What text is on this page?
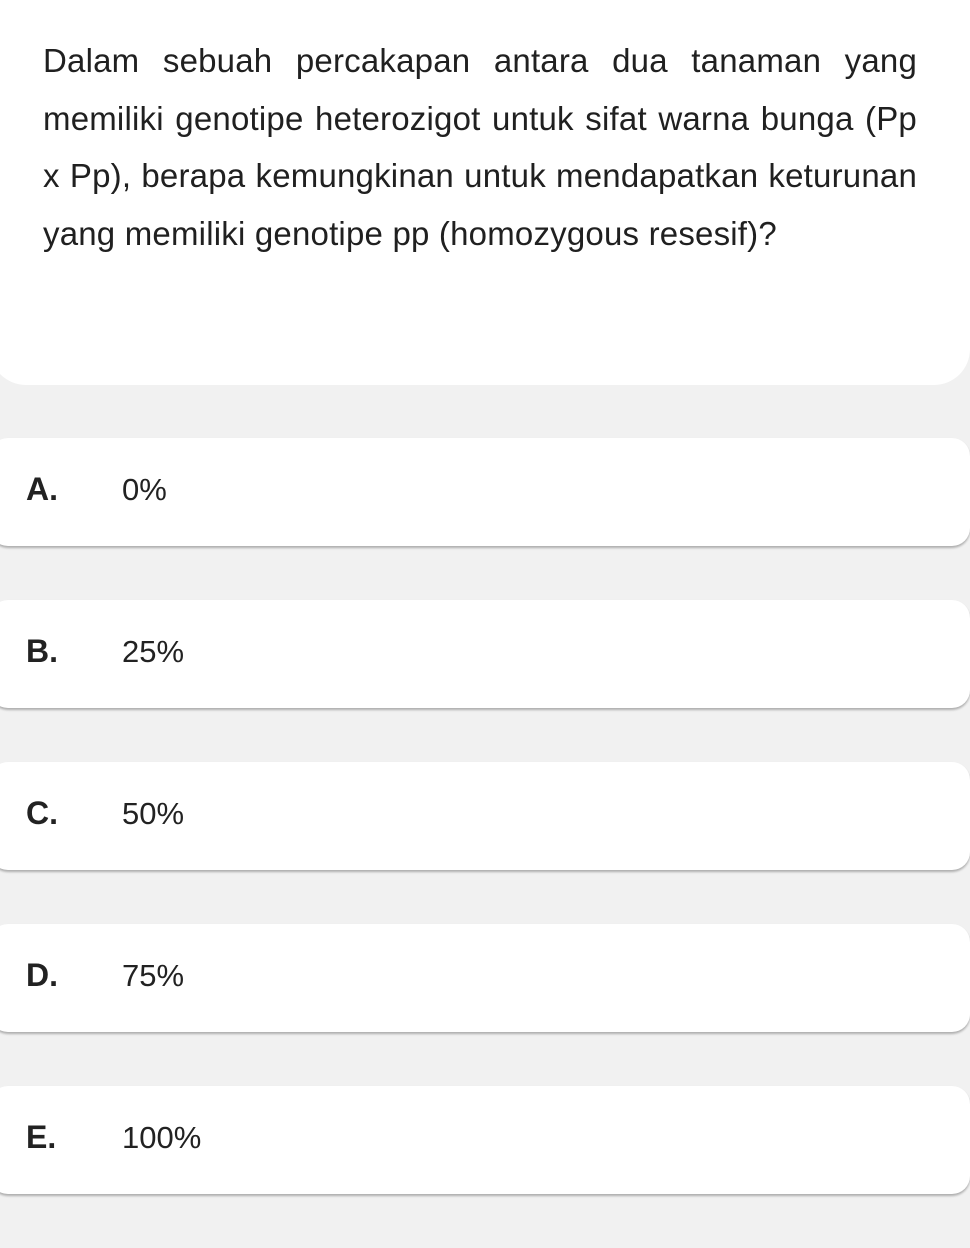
Dalam sebuah percakapan antara dua tanaman yang memiliki genotipe heterozigot untuk sifat warna bunga (Pp x Pp), berapa kemungkinan untuk mendapatkan keturunan yang memiliki genotipe pp (homozygous resesif)?

A. 0%
B. 25%
C. 50%
D. 75%
E. 100%
